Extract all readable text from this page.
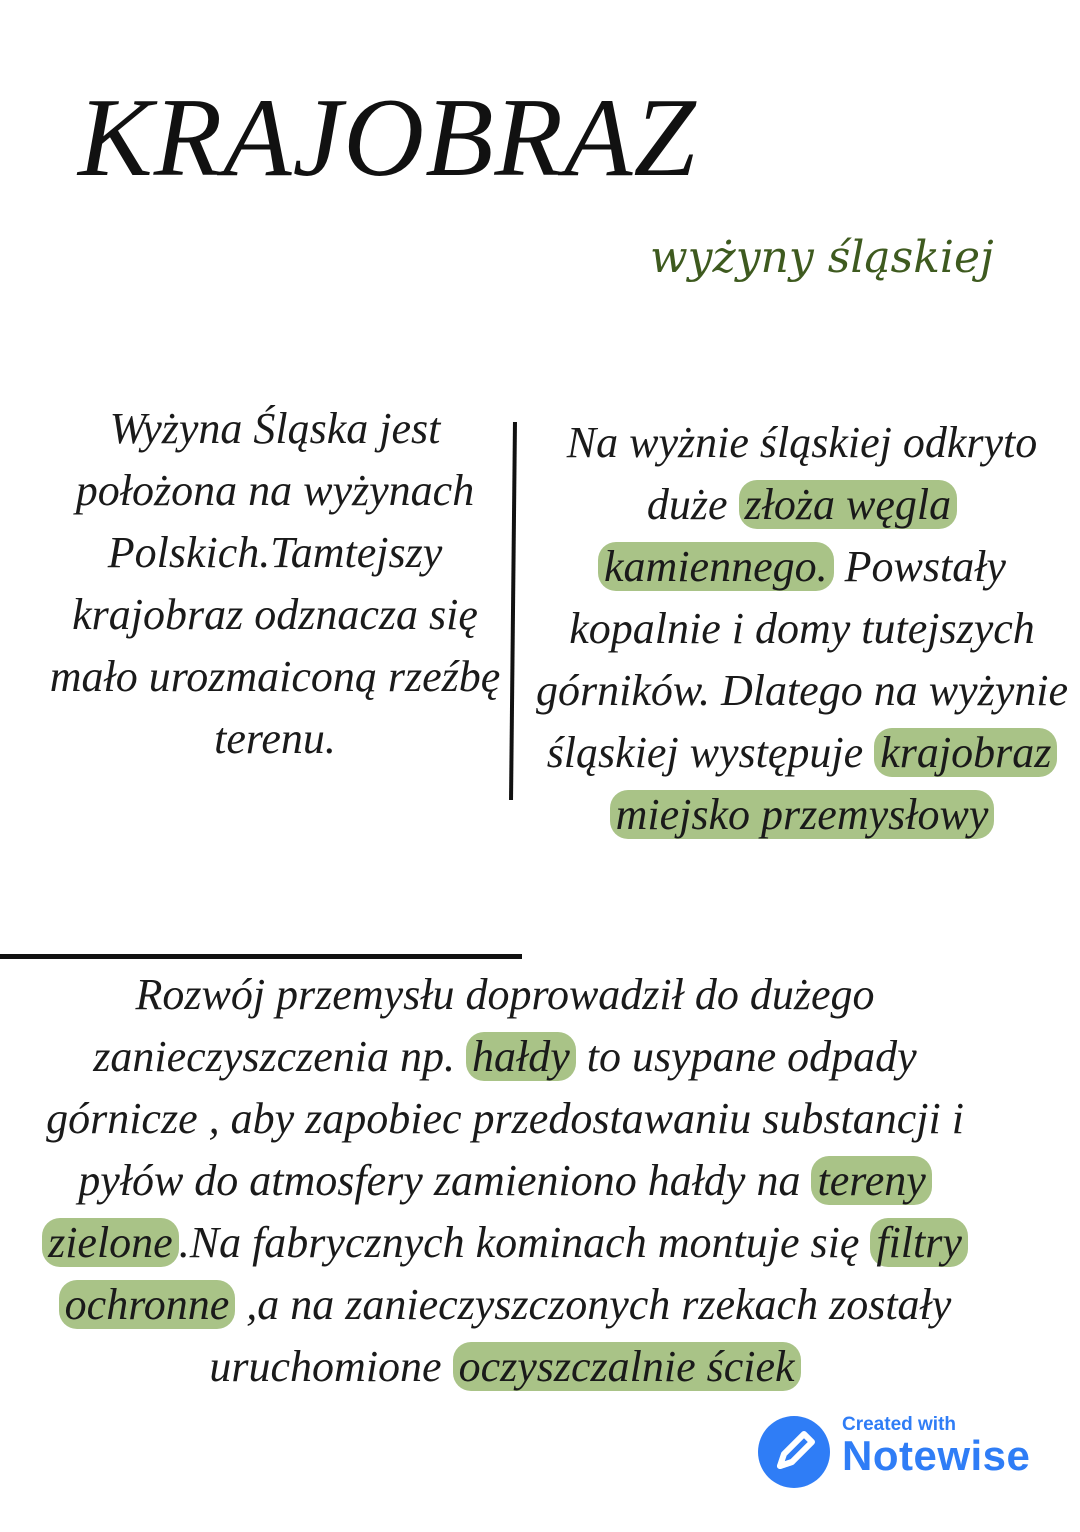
KRAJOBRAZ
wyżyny śląskiej
Wyżyna Śląska jest położona na wyżynach Polskich.Tamtejszy krajobraz odznacza się mało urozmaiconą rzeźbę terenu.
Na wyżnie śląskiej odkryto duże złoża węgla kamiennego. Powstały kopalnie i domy tutejszych górników. Dlatego na wyżynie śląskiej występuje krajobraz miejsko przemysłowy
Rozwój przemysłu doprowadził do dużego zanieczyszczenia np. hałdy to usypane odpady górnicze , aby zapobiec przedostawaniu substancji i pyłów do atmosfery zamieniono hałdy na tereny zielone .Na fabrycznych kominach montuje się filtry ochronne ,a na zanieczyszczonych rzekach zostały uruchomione oczyszczalnie ściek
Created with
Notewise
